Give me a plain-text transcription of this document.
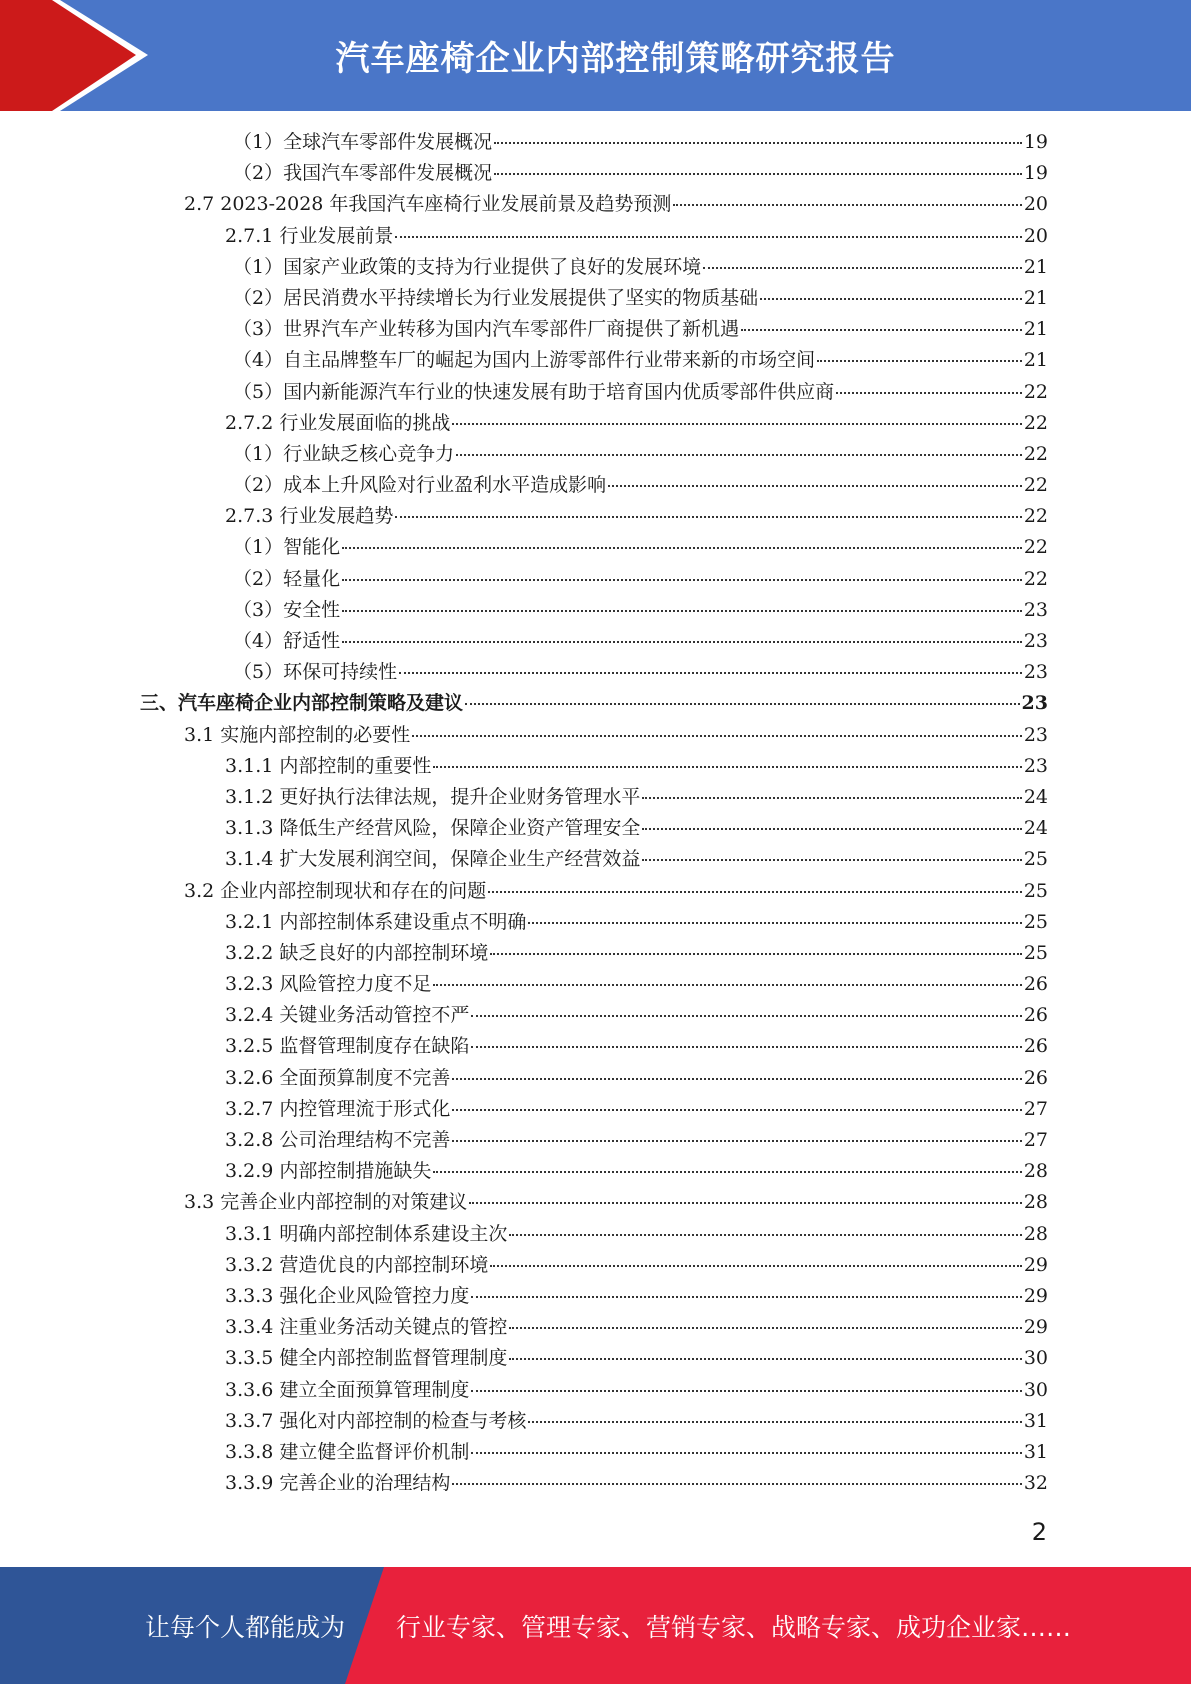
汽车座椅企业内部控制策略研究报告
（1）全球汽车零部件发展概况	19
（2）我国汽车零部件发展概况	19
2.7 2023-2028 年我国汽车座椅行业发展前景及趋势预测	20
2.7.1 行业发展前景	20
（1）国家产业政策的支持为行业提供了良好的发展环境	21
（2）居民消费水平持续增长为行业发展提供了坚实的物质基础	21
（3）世界汽车产业转移为国内汽车零部件厂商提供了新机遇	21
（4）自主品牌整车厂的崛起为国内上游零部件行业带来新的市场空间	21
（5）国内新能源汽车行业的快速发展有助于培育国内优质零部件供应商	22
2.7.2 行业发展面临的挑战	22
（1）行业缺乏核心竞争力	22
（2）成本上升风险对行业盈利水平造成影响	22
2.7.3 行业发展趋势	22
（1）智能化	22
（2）轻量化	22
（3）安全性	23
（4）舒适性	23
（5）环保可持续性	23
三、汽车座椅企业内部控制策略及建议	23
3.1 实施内部控制的必要性	23
3.1.1 内部控制的重要性	23
3.1.2 更好执行法律法规，提升企业财务管理水平	24
3.1.3 降低生产经营风险，保障企业资产管理安全	24
3.1.4 扩大发展利润空间，保障企业生产经营效益	25
3.2 企业内部控制现状和存在的问题	25
3.2.1 内部控制体系建设重点不明确	25
3.2.2 缺乏良好的内部控制环境	25
3.2.3 风险管控力度不足	26
3.2.4 关键业务活动管控不严	26
3.2.5 监督管理制度存在缺陷	26
3.2.6 全面预算制度不完善	26
3.2.7 内控管理流于形式化	27
3.2.8 公司治理结构不完善	27
3.2.9 内部控制措施缺失	28
3.3 完善企业内部控制的对策建议	28
3.3.1 明确内部控制体系建设主次	28
3.3.2 营造优良的内部控制环境	29
3.3.3 强化企业风险管控力度	29
3.3.4 注重业务活动关键点的管控	29
3.3.5 健全内部控制监督管理制度	30
3.3.6 建立全面预算管理制度	30
3.3.7 强化对内部控制的检查与考核	31
3.3.8 建立健全监督评价机制	31
3.3.9 完善企业的治理结构	32
2
让每个人都能成为	行业专家、管理专家、营销专家、战略专家、成功企业家……
